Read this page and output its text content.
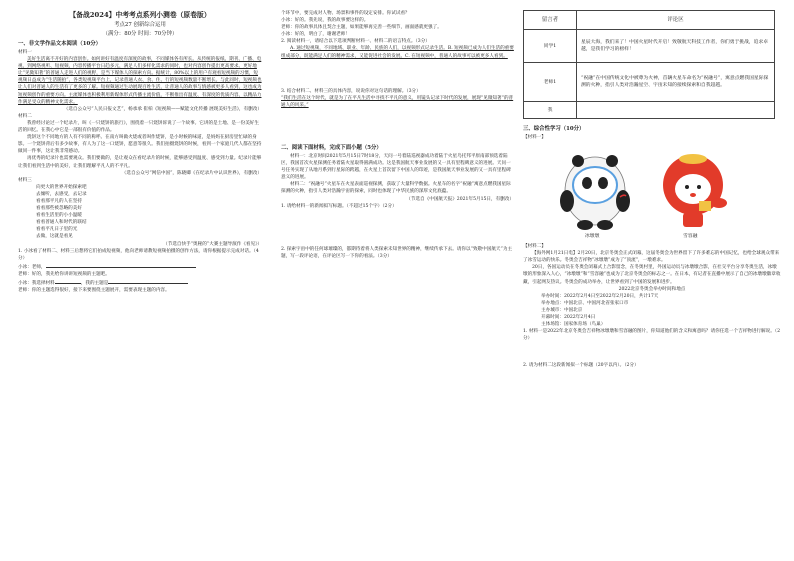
【备战2024】中考考点系列小测卷（原卷版）

考点27 创新综合运用

（满分：80分 时间：70分钟）

一、非文学作品文本阅读（10分）

材料一

美好生活离不开好的内容创作。如何讲好有温度有深度的故事，不同媒体各有所长。从传统的报纸、期刊、广播、电视，到网络视听、短视频，内容传播平台日趋多元，满足人们多样化需求的同时，也对内容创作提出更高要求。更好地让“见微知著”的普通人走进人们的视野，是当下媒体人的探索方向。据统计，80%以上的用户有观看短视频的习惯，短视频日益成为“生活随拍”，各类短视频平台上，记录普通人衣、食、住、行的短视频数量不断增长。与此同时，短视频也让人们对普通人的生活有了更多的了解。短视频通过生动展现百姓生活，让普通人的故事与情感被更多人看到，这也成为短视频创作的重要方向。主流媒体也积极利用新媒体形式传播主流价值，不断推出有温度、有深度的优质内容，以精品力作满足受众的精神文化需求。

（选自公众号“人民日报文艺”，杨承承 崔柏《短视频——赋能文化传播 展现美好生活》，有删改）

材料二

我曾经讨论过一个纪录片，叫《一只烧饼的旅行》，围绕着一只烧饼诉说了一个故事。它讲的是土地、是一份美好生活的回忆。在我心中它是一部很有价值的作品。

烧饼这个不同地方的人有不同的称呼。在南方叫做火烧或者叫作烧饼，是小时候的味道，是妈妈在厨房里忙碌的身影。一个烧饼背后有多少故事，有人为了这一口烧饼，愿意等很久。我们拍摄烧饼的时候，看到一个家庭几代人都在坚持做同一件事，这让我非常感动。

再优秀的纪录片也需要观众。我们要做的，是让观众在看纪录片的时候，能够感受到温度、感受到力量。纪录片能够让我们看到生活中的美好，让我们理解平凡人的不平凡。

（选自公众号“网信中国”，陈晓卿《在纪录片中认识世界》，有删改）

材料三

向更大的世界开始探索吧

去倾听，去感受，去记录

看看那平凡的人在坚持

看看那些被忽略的美好

看看生活里的小小温暖

看看普通人和时代的联结

看看平凡日子里的光

去做，这就是看见

（节选自快手“奥秘的”大赛主题导演作《看见》）

1. 小冰看了材料二、材料三后想将它们拍成短视频，他向老师请教短视频拍摄的创作方法，请你根据提示完成对话。（4分）

小冰：老师，

老师：好的，我先给你讲讲短视频的主题吧。

小冰：我选择材料	，我的主题是

老师：你的主题选得很好，接下来要围绕主题展开，需要表现主题的内容。

个环节中，要完成对人物、场景和事件的设定安排。你试试看？

小冰：好的。我先说，我的故事要这样的。

老师：你的故事具体且契合主题，如果能够再完善一些细节，画面感就更强了。

小冰：好的，明白了，谢谢老师！

2. 阅读材料一，请结合以下选项判断材料一、材料二的语言特点。（3分）

A. 通过短视频，不同地域、职业、年龄、民族的人们，以视频形式记录生活。B. 短视频已成为人们生活的重要组成部分，既能满足人们的精神需求，又能促进社会的发展。C. 在短视频中，普通人的故事可以被更多人看到。

3. 结合材料二、材料三的具体内容，说说你对这句话的理解。（3分）

“我们生活在这个时代，就是为了在平凡生活中寻找不平凡的意义，用镜头记录下时代的发展，展现“见微知著”的普通人的风采。”

二、阅读下面材料，完成下面小题（5分）

材料一：北京时间2021年5月15日7时18分，天问一号着陆巡视器成功着陆于火星乌托邦平原南部预选着陆区，我国首次火星探测任务着陆火星取得圆满成功。这是我国航天事业发展的又一具有里程碑意义的进展。天问一号任务实现了从地月系到行星际的跨越，在火星上首次留下中国人的印迹，是我国航天事业发展的又一具有里程碑意义的进展。

材料二：“祝融号”火星车在火星表面巡视探测，获取了大量科学数据。火星车的名字“祝融”寓意点燃我国星际探测的火种，指引人类对浩瀚宇宙的探索，同时也体现了中华民族的深厚文化底蕴。

（节选自《中国航天报》2021年5月15日，有删改）

1. 请给材料一的新闻拟写标题。（不超过15个字）（2分）

2. 探索宇宙中的任何球璀璨的，都期待着将人类探索未知世界的精神，继续传承下去。请你以“致敬中国航天”为主题，写一段评论语，在评论区写一下你的看法。（3分）

留言者	评论区
同学1	星辰大海，我们来了！中国火星时代开启！致敬航天科技工作者，你们勇于挑战，追求卓越，是我们学习的榜样！
老师1	“祝融”在中国传统文化中被尊为火神，首辆火星车命名为“祝融号”，寓意点燃我国星际探测的火种，指引人类对浩瀚星空、宇宙未知的接续探索和自我超越。
我	

三、综合性学习（10分）

【材料一】

冰墩墩	雪容融

【材料二】

【海外网1月21日电】2月20日，北京冬奥会正式闭幕，这届冬奥会为世界留下了许多难忘的中国记忆，也给全球观众带来了冰雪运动的快乐。冬奥会吉祥物“冰墩墩”成为了“顶流”，一墩难求。

20日，各国运动员在冬奥会闭幕式上合影留念，在冬奥村里，外国运动员与冰墩墩合影，在社交平台分享冬奥生活，冰墩墩的形象深入人心，“冰墩墩”和“雪容融”也成为了北京冬奥会的标志之一。在日本，有记者在直播中展示了自己的冰墩墩徽章收藏，引起网友热议。冬奥会的成功举办，让世界看到了中国的发展和进步。

2022北京冬奥会举办时间和地点

举办时间：2022年2月4日至2022年2月20日，共计17天

举办地点：中国北京、中国河北省张家口市

主办城市：中国北京

开幕时间：2022年2月4日

主体场馆：国家体育场（鸟巢）

1. 材料一是2022年北京冬奥会吉祥物冰墩墩和雪容融的图片，你知道他们的含义和寓意吗？请你任选一个吉祥物进行解说。（2分）

2. 请为材料二这段新闻拟一个标题（20字以内）。（2分）
